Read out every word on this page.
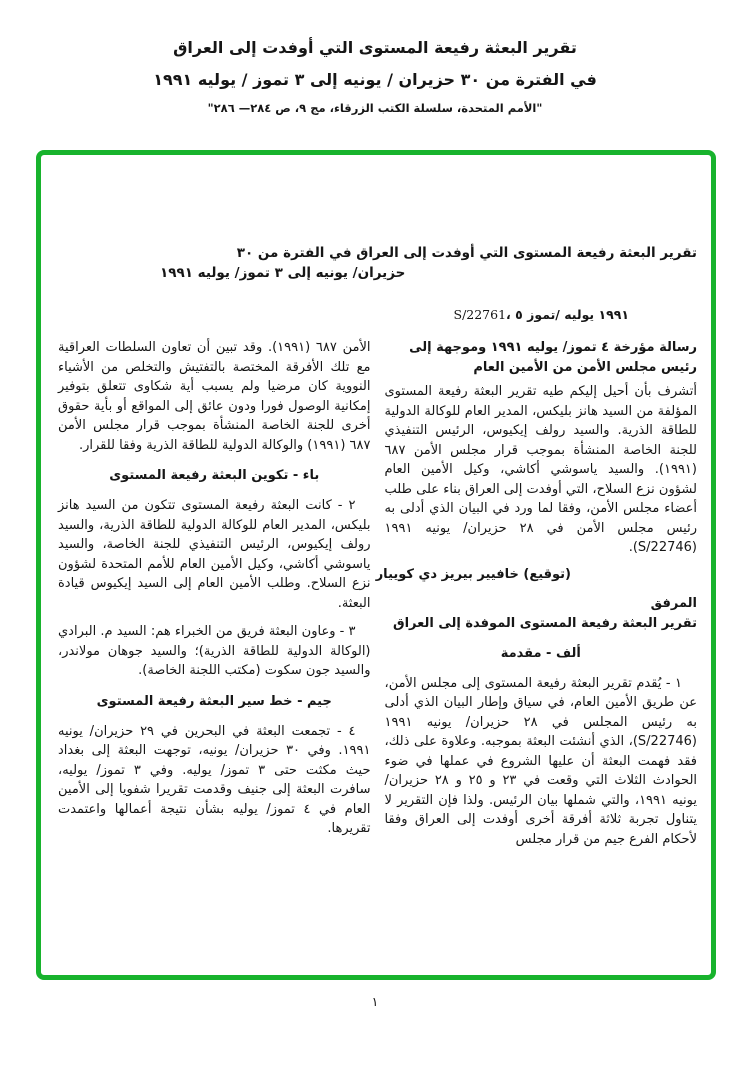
تقرير البعثة رفيعة المستوى التي أوفدت إلى العراق
في الفترة من ٣٠ حزيران / يونيه إلى ٣ تموز / يوليه ١٩٩١
"الأمم المتحدة، سلسلة الكتب الزرقاء، مج ٩، ص ٢٨٤— ٢٨٦"
تقرير البعثة رفيعة المستوى التي أوفدت إلى العراق في الفترة من ٣٠
حزيران/ يونيه إلى ٣ تموز/ يوليه ١٩٩١
S/22761، ٥‎ تموز/‎ يوليه‎ ١٩٩١
رسالة مؤرخة ٤ تموز/ يوليه ١٩٩١ وموجهة إلى رئيس مجلس الأمن من الأمين العام

أتشرف بأن أحيل إليكم طيه تقرير البعثة رفيعة المستوى المؤلفة من السيد هانز بليكس، المدير العام للوكالة الدولية للطاقة الذرية. والسيد رولف إيكيوس، الرئيس التنفيذي للجنة الخاصة المنشأة بموجب قرار مجلس الأمن ٦٨٧ (١٩٩١). والسيد ياسوشي أكاشي، وكيل الأمين العام لشؤون نزع السلاح، التي أوفدت إلى العراق بناء على طلب أعضاء مجلس الأمن، وفقا لما ورد في البيان الذي أدلى به رئيس مجلس الأمن في ٢٨ حزيران/ يونيه ١٩٩١ (S/22746).

(توقيع) خافيير بيريز دي كوييار
المرفق
تقرير البعثة رفيعة المستوى الموفدة إلى العراق
ألف - مقدمة

١ - يُقدم تقرير البعثة رفيعة المستوى إلى مجلس الأمن، عن طريق الأمين العام، في سياق وإطار البيان الذي أدلى به رئيس المجلس في ٢٨ حزيران/ يونيه ١٩٩١ (S/22746)، الذي أنشئت البعثة بموجبه. وعلاوة على ذلك، فقد فهمت البعثة أن عليها الشروع في عملها في ضوء الحوادث الثلاث التي وقعت في ٢٣ و ٢٥ و ٢٨ حزيران/ يونيه ١٩٩١، والتي شملها بيان الرئيس. ولذا فإن التقرير لا يتناول تجربة ثلاثة أفرقة أخرى أوفدت إلى العراق وفقا لأحكام الفرع جيم من قرار مجلس

الأمن ٦٨٧ (١٩٩١). وقد تبين أن تعاون السلطات العراقية مع تلك الأفرقة المختصة بالتفتيش والتخلص من الأشياء النووية كان مرضيا ولم يسبب أية شكاوى تتعلق بتوفير إمكانية الوصول فورا ودون عائق إلى المواقع أو بأية حقوق أخرى للجنة الخاصة المنشأة بموجب قرار مجلس الأمن ٦٨٧ (١٩٩١) والوكالة الدولية للطاقة الذرية وفقا للقرار.

باء - تكوين البعثة رفيعة المستوى

٢ - كانت البعثة رفيعة المستوى تتكون من السيد هانز بليكس، المدير العام للوكالة الدولية للطاقة الذرية، والسيد رولف إيكيوس، الرئيس التنفيذي للجنة الخاصة، والسيد ياسوشي أكاشي، وكيل الأمين العام للأمم المتحدة لشؤون نزع السلاح. وطلب الأمين العام إلى السيد إيكيوس قيادة البعثة.

٣ - وعاون البعثة فريق من الخبراء هم: السيد م. البرادي (الوكالة الدولية للطاقة الذرية)؛ والسيد جوهان مولاندر، والسيد جون سكوت (مكتب اللجنة الخاصة).

جيم - خط سير البعثة رفيعة المستوى

٤ - تجمعت البعثة في البحرين في ٢٩ حزيران/ يونيه ١٩٩١. وفي ٣٠ حزيران/ يونيه، توجهت البعثة إلى بغداد حيث مكثت حتى ٣ تموز/ يوليه. وفي ٣ تموز/ يوليه، سافرت البعثة إلى جنيف وقدمت تقريرا شفويا إلى الأمين العام في ٤ تموز/ يوليه بشأن نتيجة أعمالها واعتمدت تقريرها.

١
